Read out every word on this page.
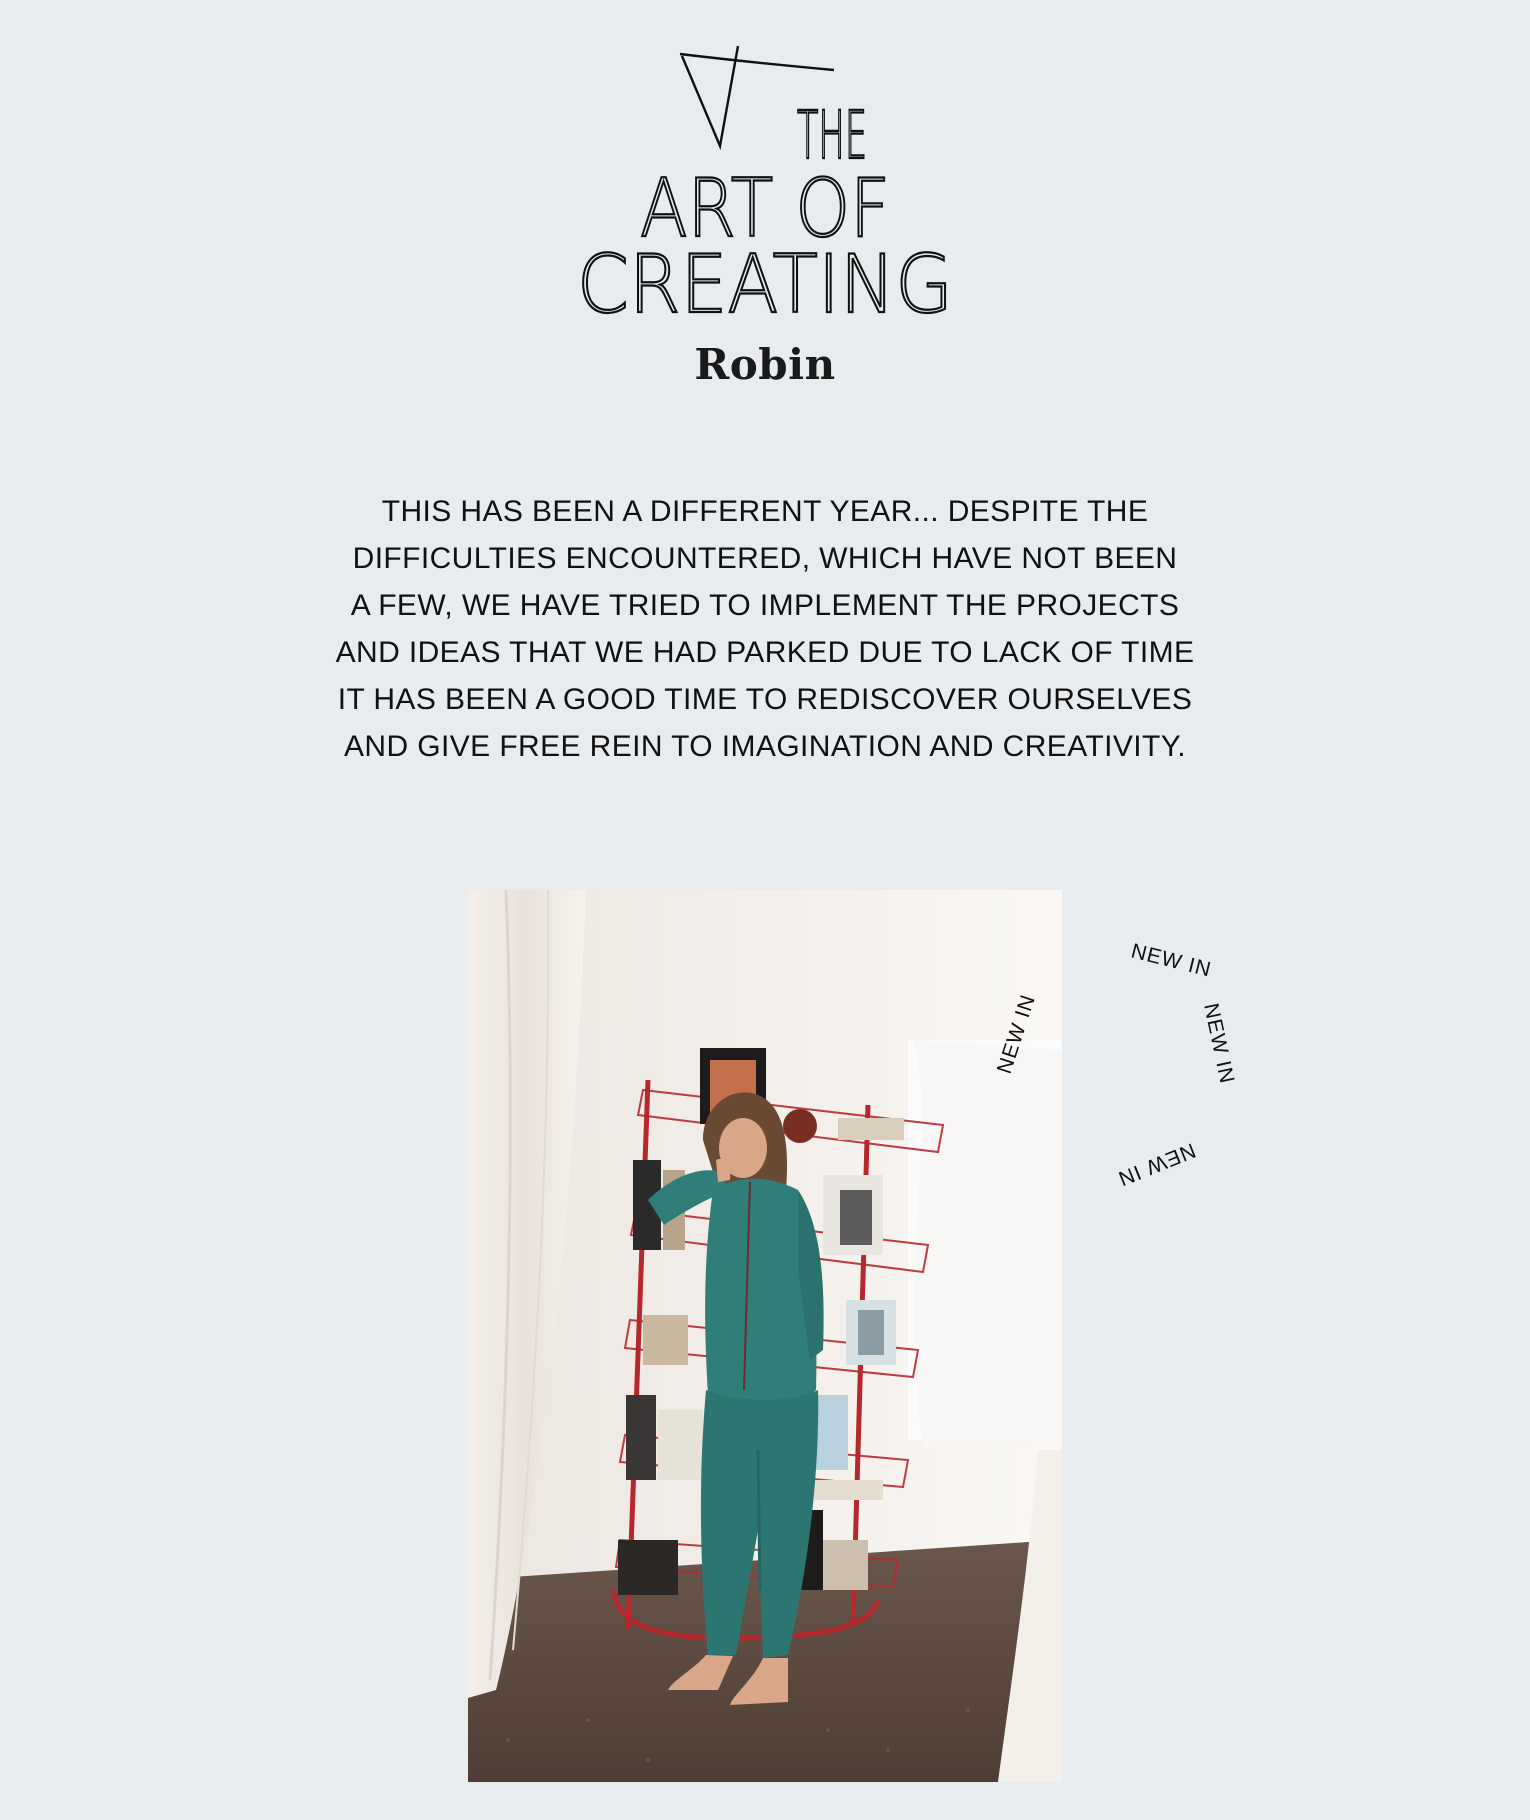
THE
ART OF
CREATING
Robin
THIS HAS BEEN A DIFFERENT YEAR... DESPITE THE
DIFFICULTIES ENCOUNTERED, WHICH HAVE NOT BEEN
A FEW, WE HAVE TRIED TO IMPLEMENT THE PROJECTS
AND IDEAS THAT WE HAD PARKED DUE TO LACK OF TIME
IT HAS BEEN A GOOD TIME TO REDISCOVER OURSELVES
AND GIVE FREE REIN TO IMAGINATION AND CREATIVITY.
NEW IN
NEW IN
NEW IN
NEW IN
